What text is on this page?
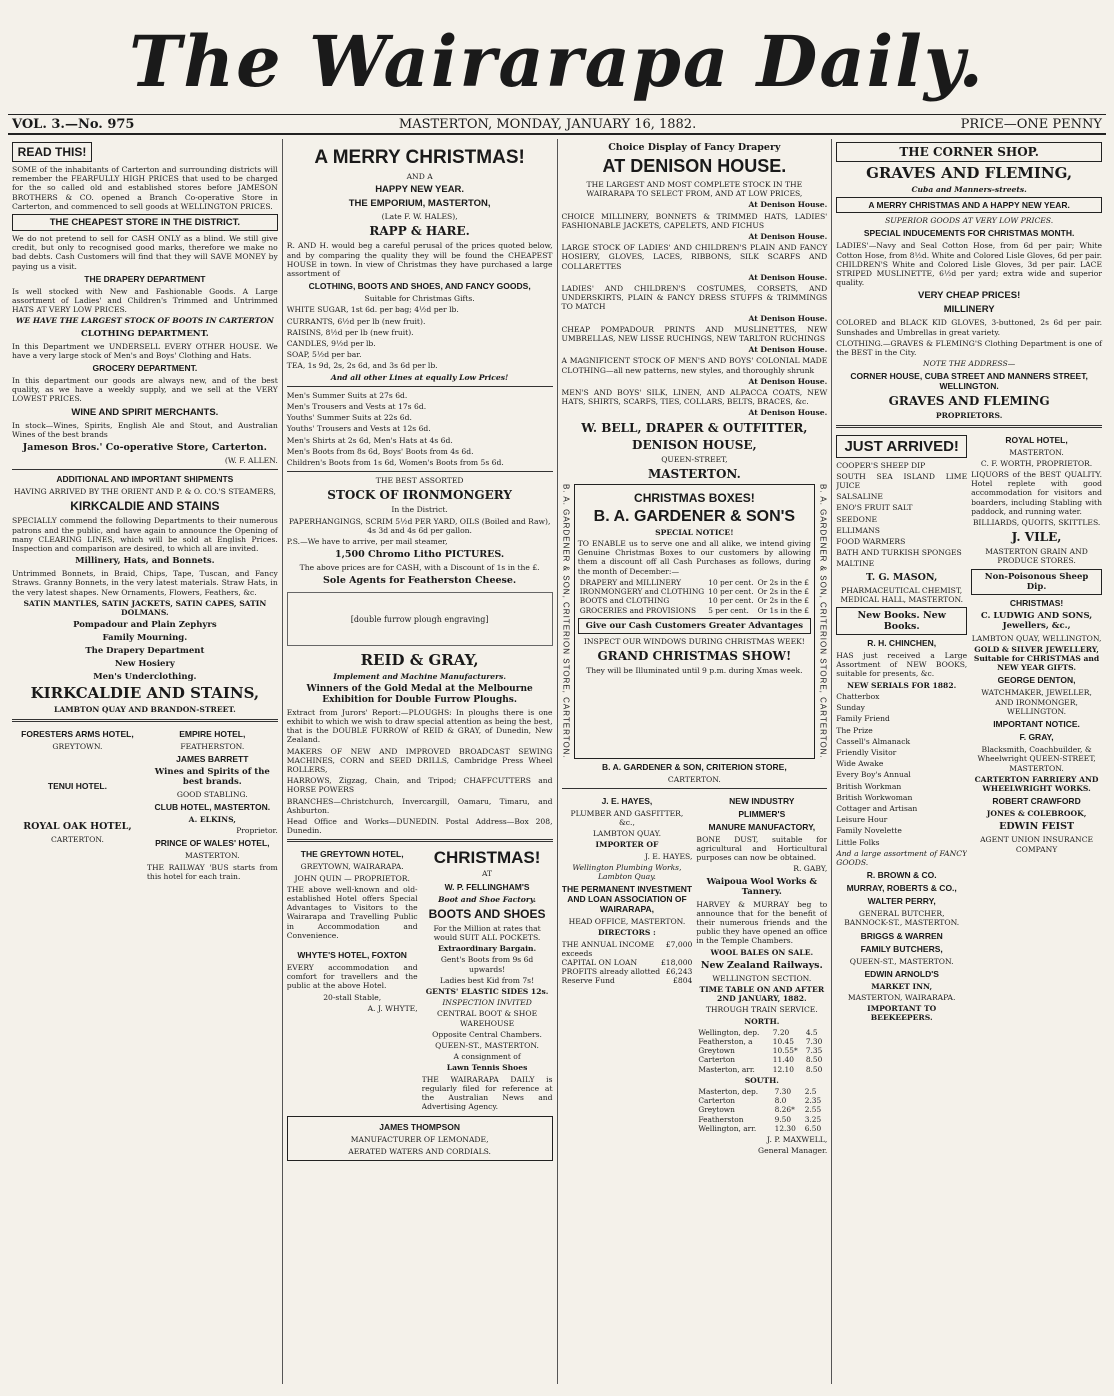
The Wairarapa Daily.
VOL. 3.—No. 975	MASTERTON, MONDAY, JANUARY 16, 1882.	PRICE—ONE PENNY
READ THIS!

SOME of the inhabitants of Carterton and surrounding districts will remember the FEARFULLY HIGH PRICES that used to be charged for the so called old and established stores before JAMESON BROTHERS & CO. opened a Branch Co-operative Store in Carterton, and commenced to sell goods at WELLINGTON PRICES.

THE CHEAPEST STORE IN THE DISTRICT.

We do not pretend to sell for CASH ONLY as a blind. We still give credit, but only to recognised good marks, therefore we make no bad debts. Cash Customers will find that they will SAVE MONEY by paying us a visit.

THE DRAPERY DEPARTMENT

Is well stocked with New and Fashionable Goods. A Large assortment of Ladies' and Children's Trimmed and Untrimmed HATS AT VERY LOW PRICES.

WE HAVE THE LARGEST STOCK OF BOOTS IN CARTERTON

CLOTHING DEPARTMENT.

In this Department we UNDERSELL EVERY OTHER HOUSE. We have a very large stock of Men's and Boys' Clothing and Hats.

GROCERY DEPARTMENT.

In this department our goods are always new, and of the best quality, as we have a weekly supply, and we sell at the VERY LOWEST PRICES.

WINE AND SPIRIT MERCHANTS.

In stock—Wines, Spirits, English Ale and Stout, and Australian Wines of the best brands

Jameson Bros.' Co-operative Store, Carterton.

(W. F. ALLEN.

ADDITIONAL AND IMPORTANT SHIPMENTS

HAVING ARRIVED BY THE ORIENT AND P. & O. CO.'S STEAMERS,

KIRKCALDIE AND STAINS

SPECIALLY commend the following Departments to their numerous patrons and the public, and have again to announce the Opening of many CLEARING LINES, which will be sold at English Prices. Inspection and comparison are desired, to which all are invited.

Millinery, Hats, and Bonnets.

Untrimmed Bonnets, in Braid, Chips, Tape, Tuscan, and Fancy Straws. Granny Bonnets, in the very latest materials. Straw Hats, in the very latest shapes. New Ornaments, Flowers, Feathers, &c.

SATIN MANTLES, SATIN JACKETS, SATIN CAPES, SATIN DOLMANS.

Pompadour and Plain Zephyrs
Family Mourning.
The Drapery Department
New Hosiery
Men's Underclothing.
KIRKCALDIE AND STAINS,

LAMBTON QUAY AND BRANDON-STREET.

FORESTERS ARMS HOTEL,

GREYTOWN.

TENUI HOTEL.
ROYAL OAK HOTEL,

CARTERTON.

EMPIRE HOTEL,

FEATHERSTON.

JAMES BARRETT
Wines and Spirits of the best brands.

GOOD STABLING.

CLUB HOTEL, MASTERTON.

A. ELKINS,

Proprietor.

PRINCE OF WALES' HOTEL,

MASTERTON.

THE RAILWAY 'BUS starts from this hotel for each train.

A MERRY CHRISTMAS!

AND A

HAPPY NEW YEAR.
THE EMPORIUM, MASTERTON,

(Late F. W. HALES),

RAPP & HARE.

R. AND H. would beg a careful perusal of the prices quoted below, and by comparing the quality they will be found the CHEAPEST HOUSE in town. In view of Christmas they have purchased a large assortment of

CLOTHING, BOOTS AND SHOES, AND FANCY GOODS,

Suitable for Christmas Gifts.

WHITE SUGAR, 1st 6d. per bag; 4½d per lb.

CURRANTS, 6½d per lb (new fruit).

RAISINS, 8½d per lb (new fruit).

CANDLES, 9½d per lb.

SOAP, 5½d per bar.

TEA, 1s 9d, 2s, 2s 6d, and 3s 6d per lb.

And all other Lines at equally Low Prices!

Men's Summer Suits at 27s 6d.

Men's Trousers and Vests at 17s 6d.

Youths' Summer Suits at 22s 6d.

Youths' Trousers and Vests at 12s 6d.

Men's Shirts at 2s 6d, Men's Hats at 4s 6d.

Men's Boots from 8s 6d, Boys' Boots from 4s 6d.

Children's Boots from 1s 6d, Women's Boots from 5s 6d.

THE BEST ASSORTED

STOCK OF IRONMONGERY

In the District.

PAPERHANGINGS, SCRIM 5½d PER YARD, OILS (Boiled and Raw), 4s 3d and 4s 6d per gallon.

P.S.—We have to arrive, per mail steamer,

1,500 Chromo Litho PICTURES.

The above prices are for CASH, with a Discount of 1s in the £.

Sole Agents for Featherston Cheese.
[double furrow plough engraving]
REID & GRAY,

Implement and Machine Manufacturers.

Winners of the Gold Medal at the Melbourne Exhibition for Double Furrow Ploughs.

Extract from Jurors' Report:—PLOUGHS: In ploughs there is one exhibit to which we wish to draw special attention as being the best, that is the DOUBLE FURROW of REID & GRAY, of Dunedin, New Zealand.

MAKERS OF NEW AND IMPROVED BROADCAST SEWING MACHINES, CORN and SEED DRILLS, Cambridge Press Wheel ROLLERS,

HARROWS, Zigzag, Chain, and Tripod; CHAFFCUTTERS and HORSE POWERS

BRANCHES—Christchurch, Invercargill, Oamaru, Timaru, and Ashburton.

Head Office and Works—DUNEDIN. Postal Address—Box 208, Dunedin.

THE GREYTOWN HOTEL,

GREYTOWN, WAIRARAPA.

JOHN QUIN — PROPRIETOR.

THE above well-known and old-established Hotel offers Special Advantages to Visitors to the Wairarapa and Travelling Public in Accommodation and Convenience.

WHYTE'S HOTEL, FOXTON

EVERY accommodation and comfort for travellers and the public at the above Hotel.

20-stall Stable,

A. J. WHYTE,

CHRISTMAS!

AT

W. P. FELLINGHAM'S

Boot and Shoe Factory.

BOOTS AND SHOES

For the Million at rates that would SUIT ALL POCKETS.

Extraordinary Bargain.

Gent's Boots from 9s 6d upwards!

Ladies best Kid from 7s!

GENTS' ELASTIC SIDES 12s.

INSPECTION INVITED

CENTRAL BOOT & SHOE WAREHOUSE

Opposite Central Chambers.

QUEEN-ST., MASTERTON.

A consignment of

Lawn Tennis Shoes

THE WAIRARAPA DAILY is regularly filed for reference at the Australian News and Advertising Agency.

JAMES THOMPSON

MANUFACTURER OF LEMONADE,

AERATED WATERS AND CORDIALS.

Choice Display of Fancy Drapery
AT DENISON HOUSE.

THE LARGEST AND MOST COMPLETE STOCK IN THE WAIRARAPA TO SELECT FROM, AND AT LOW PRICES,

At Denison House.

CHOICE MILLINERY, BONNETS & TRIMMED HATS, LADIES' FASHIONABLE JACKETS, CAPELETS, AND FICHUS

At Denison House.

LARGE STOCK OF LADIES' AND CHILDREN'S PLAIN AND FANCY HOSIERY, GLOVES, LACES, RIBBONS, SILK SCARFS AND COLLARETTES

At Denison House.

LADIES' AND CHILDREN'S COSTUMES, CORSETS, AND UNDERSKIRTS, PLAIN & FANCY DRESS STUFFS & TRIMMINGS TO MATCH

At Denison House.

CHEAP POMPADOUR PRINTS AND MUSLINETTES, NEW UMBRELLAS, NEW LISSE RUCHINGS, NEW TARLTON RUCHINGS

At Denison House.

A MAGNIFICENT STOCK OF MEN'S AND BOYS' COLONIAL MADE CLOTHING—all new patterns, new styles, and thoroughly shrunk

At Denison House.

MEN'S AND BOYS' SILK, LINEN, AND ALPACCA COATS, NEW HATS, SHIRTS, SCARFS, TIES, COLLARS, BELTS, BRACES, &c.

At Denison House.

W. BELL, DRAPER & OUTFITTER,
DENISON HOUSE,

QUEEN-STREET,

MASTERTON.
B. A. GARDENER & SON, CRITERION STORE, CARTERTON.	CHRISTMAS BOXES!
B. A. GARDENER & SON'S

SPECIAL NOTICE!

TO ENABLE us to serve one and all alike, we intend giving Genuine Christmas Boxes to our customers by allowing them a discount off all Cash Purchases as follows, during the month of December:—

DRAPERY and MILLINERY	10 per cent.	Or 2s in the £
IRONMONGERY and CLOTHING	10 per cent.	Or 2s in the £
BOOTS and CLOTHING	10 per cent.	Or 2s in the £
GROCERIES and PROVISIONS	5 per cent.	Or 1s in the £
Give our Cash Customers Greater Advantages

INSPECT OUR WINDOWS DURING CHRISTMAS WEEK!

GRAND CHRISTMAS SHOW!

They will be Illuminated until 9 p.m. during Xmas week.	B. A. GARDENER & SON, CRITERION STORE, CARTERTON.
B. A. GARDENER & SON, CRITERION STORE,

CARTERTON.

J. E. HAYES,

PLUMBER AND GASFITTER, &c.,

LAMBTON QUAY.

IMPORTER OF

J. E. HAYES,

Wellington Plumbing Works, Lambton Quay.

THE PERMANENT INVESTMENT AND LOAN ASSOCIATION OF WAIRARAPA,

HEAD OFFICE, MASTERTON.

DIRECTORS :

THE ANNUAL INCOME exceeds
£7,000
CAPITAL ON LOAN	£18,000
PROFITS already allotted £6,243
Reserve Fund	£804
NEW INDUSTRY
PLIMMER'S
MANURE MANUFACTORY,

BONE DUST, suitable for agricultural and Horticultural purposes can now be obtained.

R. GABY,

Waipoua Wool Works & Tannery.

HARVEY & MURRAY beg to announce that for the benefit of their numerous friends and the public they have opened an office in the Temple Chambers.

WOOL BALES ON SALE.

New Zealand Railways.

WELLINGTON SECTION.

TIME TABLE ON AND AFTER 2ND JANUARY, 1882.

THROUGH TRAIN SERVICE.

NORTH.

Wellington, dep.	7.20	4.5
Featherston, a	10.45	7.30
Greytown	10.55*	7.35
Carterton	11.40	8.50
Masterton, arr.	12.10	8.50

SOUTH.

Masterton, dep.	7.30	2.5
Carterton	8.0	2.35
Greytown	8.26*	2.55
Featherston	9.50	3.25
Wellington, arr.	12.30	6.50

J. P. MAXWELL,

General Manager.

THE CORNER SHOP.
GRAVES AND FLEMING,

Cuba and Manners-streets.

A MERRY CHRISTMAS AND A HAPPY NEW YEAR.

SUPERIOR GOODS AT VERY LOW PRICES.

SPECIAL INDUCEMENTS FOR CHRISTMAS MONTH.

LADIES'—Navy and Seal Cotton Hose, from 6d per pair; White Cotton Hose, from 8½d. White and Colored Lisle Gloves, 6d per pair. CHILDREN'S White and Colored Lisle Gloves, 3d per pair. LACE STRIPED MUSLINETTE, 6½d per yard; extra wide and superior quality.

VERY CHEAP PRICES!
MILLINERY

COLORED and BLACK KID GLOVES, 3-buttoned, 2s 6d per pair. Sunshades and Umbrellas in great variety.

CLOTHING.—GRAVES & FLEMING'S Clothing Department is one of the BEST in the City.

NOTE THE ADDRESS—

CORNER HOUSE, CUBA STREET AND MANNERS STREET, WELLINGTON.
GRAVES AND FLEMING

PROPRIETORS.

JUST ARRIVED!

COOPER'S SHEEP DIP

SOUTH SEA ISLAND LIME JUICE

SALSALINE

ENO'S FRUIT SALT

SEEDONE

ELLIMANS

FOOD WARMERS

BATH AND TURKISH SPONGES

MALTINE

T. G. MASON,

PHARMACEUTICAL CHEMIST, MEDICAL HALL, MASTERTON.

New Books. New Books.
R. H. CHINCHEN,

HAS just received a Large Assortment of NEW BOOKS, suitable for presents, &c.

NEW SERIALS FOR 1882.

Chatterbox

Sunday

Family Friend

The Prize

Cassell's Almanack

Friendly Visitor

Wide Awake

Every Boy's Annual

British Workman

British Workwoman

Cottager and Artisan

Leisure Hour

Family Novelette

Little Folks

And a large assortment of FANCY GOODS.

R. BROWN & CO.
MURRAY, ROBERTS & CO.,
WALTER PERRY,

GENERAL BUTCHER, BANNOCK-ST., MASTERTON.

BRIGGS & WARREN
FAMILY BUTCHERS,

QUEEN-ST., MASTERTON.

EDWIN ARNOLD'S

MARKET INN,

MASTERTON, WAIRARAPA.

IMPORTANT TO BEEKEEPERS.

ROYAL HOTEL,

MASTERTON.

C. F. WORTH, PROPRIETOR.

LIQUORS of the BEST QUALITY. Hotel replete with good accommodation for visitors and boarders, including Stabling with paddock, and running water.

BILLIARDS, QUOITS, SKITTLES.

J. VILE,

MASTERTON GRAIN AND PRODUCE STORES.

Non-Poisonous Sheep Dip.
CHRISTMAS!
C. LUDWIG AND SONS, Jewellers, &c.,

LAMBTON QUAY, WELLINGTON,

GOLD & SILVER JEWELLERY, Suitable for CHRISTMAS and NEW YEAR GIFTS.

GEORGE DENTON,

WATCHMAKER, JEWELLER, AND IRONMONGER, WELLINGTON.

IMPORTANT NOTICE.
F. GRAY,

Blacksmith, Coachbuilder, & Wheelwright QUEEN-STREET, MASTERTON.

CARTERTON FARRIERY AND WHEELWRIGHT WORKS.

ROBERT CRAWFORD

JONES & COLEBROOK,

EDWIN FEIST

AGENT UNION INSURANCE COMPANY
